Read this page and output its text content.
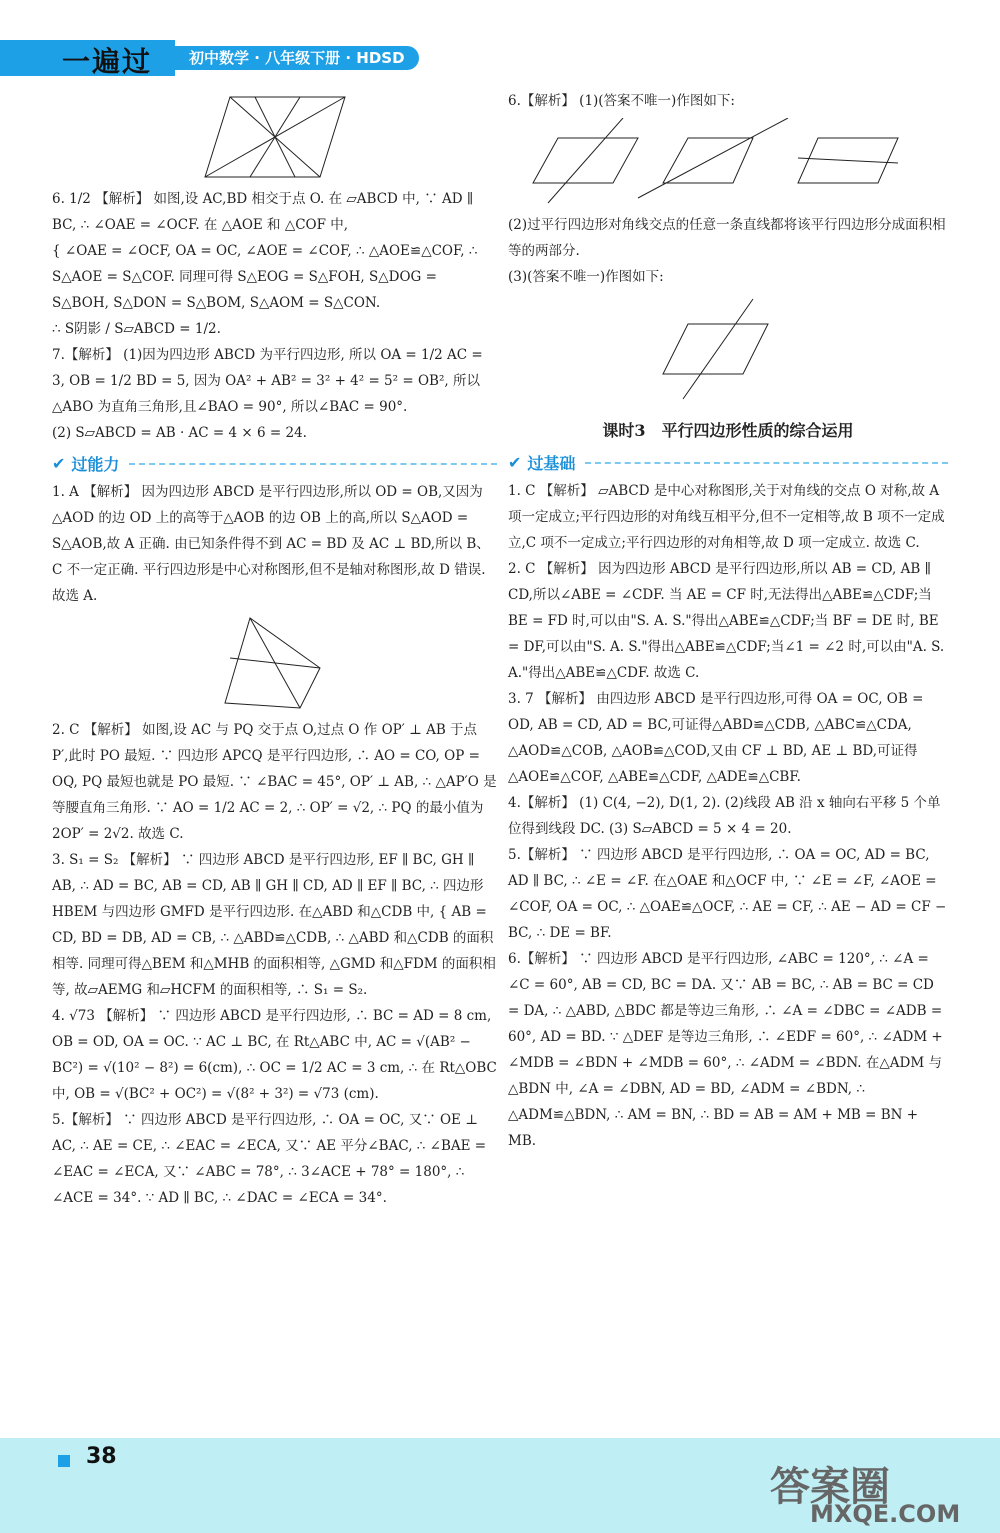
一遍过	初中数学 · 八年级下册 · HDSD

6. 1/2 【解析】 如图,设 AC,BD 相交于点 O. 在 ▱ABCD 中, ∵ AD ∥ BC, ∴ ∠OAE = ∠OCF. 在 △AOE 和 △COF 中,

{ ∠OAE = ∠OCF, OA = OC, ∠AOE = ∠COF, ∴ △AOE≌△COF, ∴ S△AOE = S△COF. 同理可得 S△EOG = S△FOH, S△DOG = S△BOH, S△DON = S△BOM, S△AOM = S△CON.

∴ S阴影 / S▱ABCD = 1/2.

7.【解析】 (1)因为四边形 ABCD 为平行四边形, 所以 OA = 1/2 AC = 3, OB = 1/2 BD = 5, 因为 OA² + AB² = 3² + 4² = 5² = OB², 所以△ABO 为直角三角形,且∠BAO = 90°, 所以∠BAC = 90°.

(2) S▱ABCD = AB · AC = 4 × 6 = 24.

✔ 过能力

1. A 【解析】 因为四边形 ABCD 是平行四边形,所以 OD = OB,又因为△AOD 的边 OD 上的高等于△AOB 的边 OB 上的高,所以 S△AOD = S△AOB,故 A 正确. 由已知条件得不到 AC = BD 及 AC ⊥ BD,所以 B、C 不一定正确. 平行四边形是中心对称图形,但不是轴对称图形,故 D 错误. 故选 A.

2. C 【解析】 如图,设 AC 与 PQ 交于点 O,过点 O 作 OP′ ⊥ AB 于点 P′,此时 PO 最短. ∵ 四边形 APCQ 是平行四边形, ∴ AO = CO, OP = OQ, PQ 最短也就是 PO 最短. ∵ ∠BAC = 45°, OP′ ⊥ AB, ∴ △AP′O 是等腰直角三角形. ∵ AO = 1/2 AC = 2, ∴ OP′ = √2, ∴ PQ 的最小值为 2OP′ = 2√2. 故选 C.

3. S₁ = S₂ 【解析】 ∵ 四边形 ABCD 是平行四边形, EF ∥ BC, GH ∥ AB, ∴ AD = BC, AB = CD, AB ∥ GH ∥ CD, AD ∥ EF ∥ BC, ∴ 四边形 HBEM 与四边形 GMFD 是平行四边形. 在△ABD 和△CDB 中, { AB = CD, BD = DB, AD = CB, ∴ △ABD≌△CDB, ∴ △ABD 和△CDB 的面积相等. 同理可得△BEM 和△MHB 的面积相等, △GMD 和△FDM 的面积相等, 故▱AEMG 和▱HCFM 的面积相等, ∴ S₁ = S₂.

4. √73 【解析】 ∵ 四边形 ABCD 是平行四边形, ∴ BC = AD = 8 cm, OB = OD, OA = OC. ∵ AC ⊥ BC, 在 Rt△ABC 中, AC = √(AB² − BC²) = √(10² − 8²) = 6(cm), ∴ OC = 1/2 AC = 3 cm, ∴ 在 Rt△OBC 中, OB = √(BC² + OC²) = √(8² + 3²) = √73 (cm).

5.【解析】 ∵ 四边形 ABCD 是平行四边形, ∴ OA = OC, 又∵ OE ⊥ AC, ∴ AE = CE, ∴ ∠EAC = ∠ECA, 又∵ AE 平分∠BAC, ∴ ∠BAE = ∠EAC = ∠ECA, 又∵ ∠ABC = 78°, ∴ 3∠ACE + 78° = 180°, ∴ ∠ACE = 34°. ∵ AD ∥ BC, ∴ ∠DAC = ∠ECA = 34°.

6.【解析】 (1)(答案不唯一)作图如下:

(2)过平行四边形对角线交点的任意一条直线都将该平行四边形分成面积相等的两部分.

(3)(答案不唯一)作图如下:

课时3　平行四边形性质的综合运用
✔ 过基础

1. C 【解析】 ▱ABCD 是中心对称图形,关于对角线的交点 O 对称,故 A 项一定成立;平行四边形的对角线互相平分,但不一定相等,故 B 项不一定成立,C 项不一定成立;平行四边形的对角相等,故 D 项一定成立. 故选 C.

2. C 【解析】 因为四边形 ABCD 是平行四边形,所以 AB = CD, AB ∥ CD,所以∠ABE = ∠CDF. 当 AE = CF 时,无法得出△ABE≌△CDF;当 BE = FD 时,可以由"S. A. S."得出△ABE≌△CDF;当 BF = DE 时, BE = DF,可以由"S. A. S."得出△ABE≌△CDF;当∠1 = ∠2 时,可以由"A. S. A."得出△ABE≌△CDF. 故选 C.

3. 7 【解析】 由四边形 ABCD 是平行四边形,可得 OA = OC, OB = OD, AB = CD, AD = BC,可证得△ABD≌△CDB, △ABC≌△CDA, △AOD≌△COB, △AOB≌△COD,又由 CF ⊥ BD, AE ⊥ BD,可证得△AOE≌△COF, △ABE≌△CDF, △ADE≌△CBF.

4.【解析】 (1) C(4, −2), D(1, 2). (2)线段 AB 沿 x 轴向右平移 5 个单位得到线段 DC. (3) S▱ABCD = 5 × 4 = 20.

5.【解析】 ∵ 四边形 ABCD 是平行四边形, ∴ OA = OC, AD = BC, AD ∥ BC, ∴ ∠E = ∠F. 在△OAE 和△OCF 中, ∵ ∠E = ∠F, ∠AOE = ∠COF, OA = OC, ∴ △OAE≌△OCF, ∴ AE = CF, ∴ AE − AD = CF − BC, ∴ DE = BF.

6.【解析】 ∵ 四边形 ABCD 是平行四边形, ∠ABC = 120°, ∴ ∠A = ∠C = 60°, AB = CD, BC = DA. 又∵ AB = BC, ∴ AB = BC = CD = DA, ∴ △ABD, △BDC 都是等边三角形, ∴ ∠A = ∠DBC = ∠ADB = 60°, AD = BD. ∵ △DEF 是等边三角形, ∴ ∠EDF = 60°, ∴ ∠ADM + ∠MDB = ∠BDN + ∠MDB = 60°, ∴ ∠ADM = ∠BDN. 在△ADM 与△BDN 中, ∠A = ∠DBN, AD = BD, ∠ADM = ∠BDN, ∴ △ADM≌△BDN, ∴ AM = BN, ∴ BD = AB = AM + MB = BN + MB.

38
答案圈
MXQE.COM
